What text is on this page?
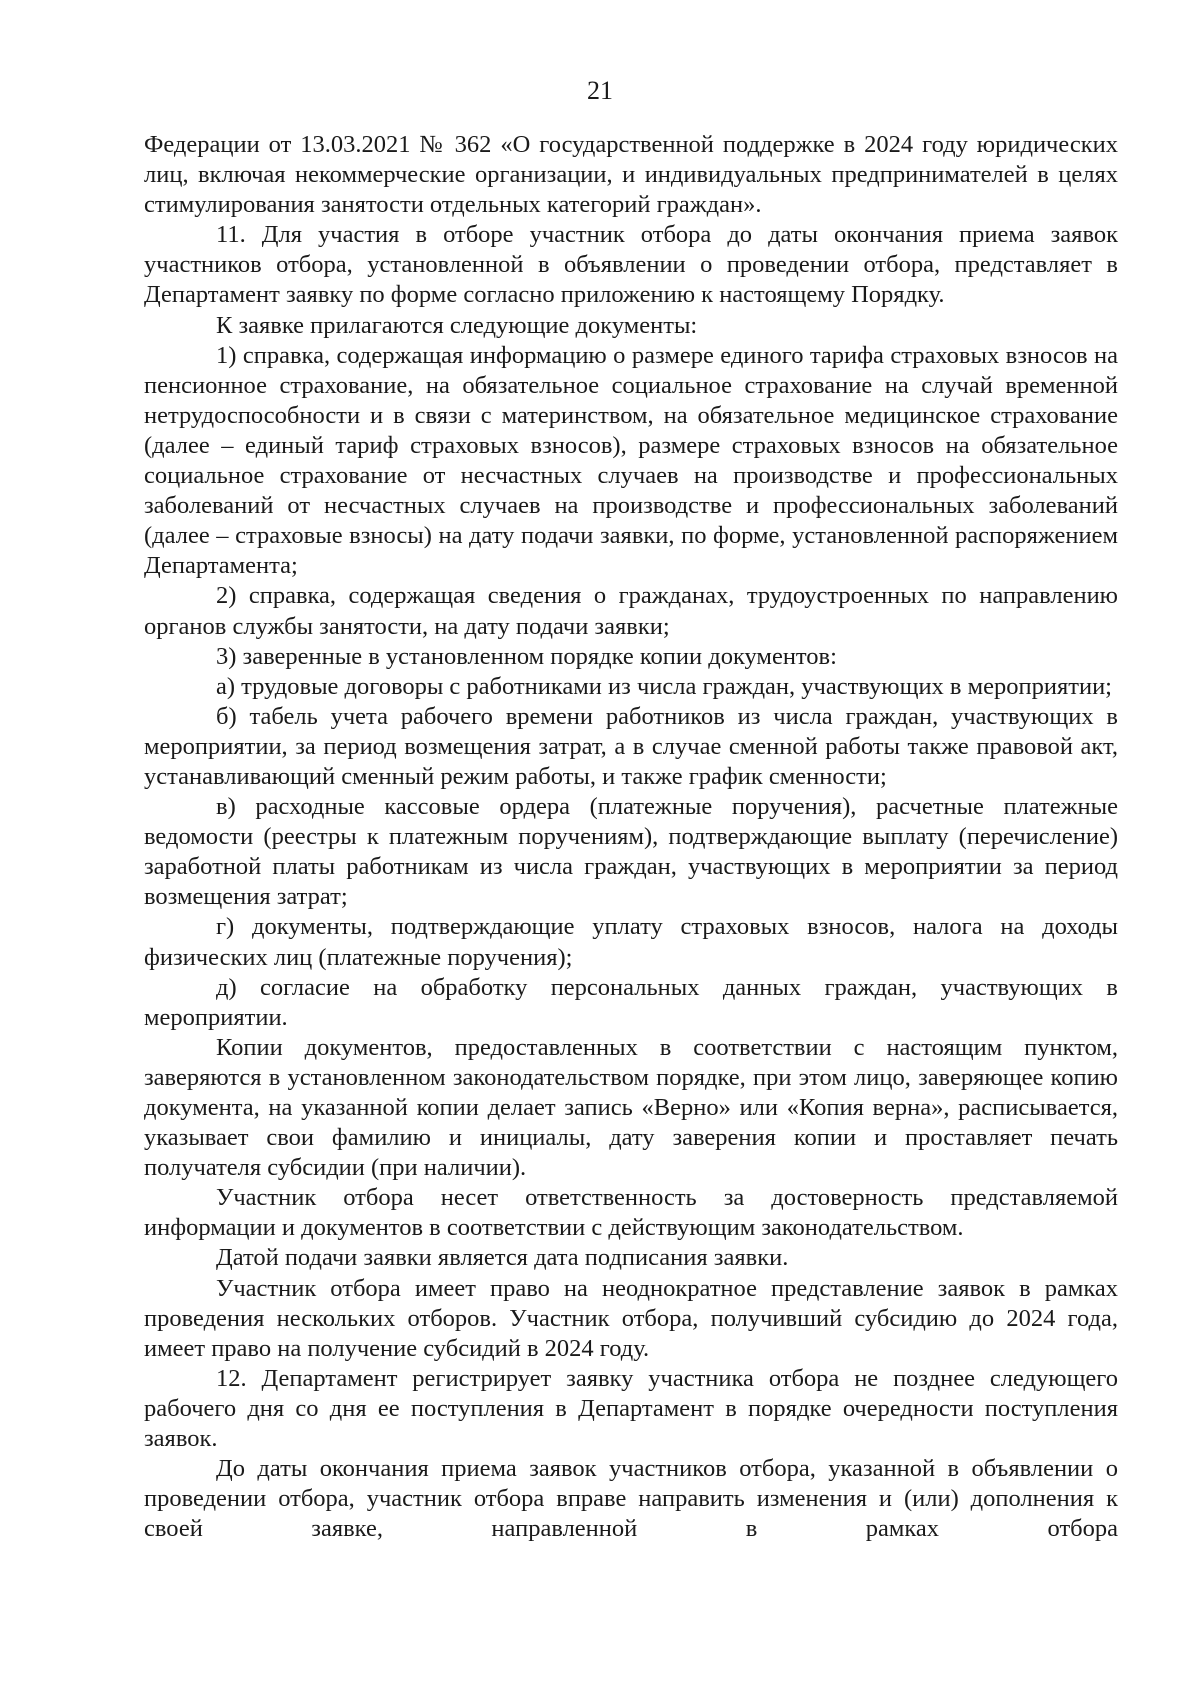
21

Федерации от 13.03.2021 № 362 «О государственной поддержке в 2024 году юридических лиц, включая некоммерческие организации, и индивидуальных предпринимателей в целях стимулирования занятости отдельных категорий граждан».

11. Для участия в отборе участник отбора до даты окончания приема заявок участников отбора, установленной в объявлении о проведении отбора, представляет в Департамент заявку по форме согласно приложению к настоящему Порядку.

К заявке прилагаются следующие документы:

1) справка, содержащая информацию о размере единого тарифа страховых взносов на пенсионное страхование, на обязательное социальное страхование на случай временной нетрудоспособности и в связи с материнством, на обязательное медицинское страхование (далее – единый тариф страховых взносов), размере страховых взносов на обязательное социальное страхование от несчастных случаев на производстве и профессиональных заболеваний от несчастных случаев на производстве и профессиональных заболеваний (далее – страховые взносы) на дату подачи заявки, по форме, установленной распоряжением Департамента;

2) справка, содержащая сведения о гражданах, трудоустроенных по направлению органов службы занятости, на дату подачи заявки;

3) заверенные в установленном порядке копии документов:

а) трудовые договоры с работниками из числа граждан, участвующих в мероприятии;

б) табель учета рабочего времени работников из числа граждан, участвующих в мероприятии, за период возмещения затрат, а в случае сменной работы также правовой акт, устанавливающий сменный режим работы, и также график сменности;

в) расходные кассовые ордера (платежные поручения), расчетные платежные ведомости (реестры к платежным поручениям), подтверждающие выплату (перечисление) заработной платы работникам из числа граждан, участвующих в мероприятии за период возмещения затрат;

г) документы, подтверждающие уплату страховых взносов, налога на доходы физических лиц (платежные поручения);

д) согласие на обработку персональных данных граждан, участвующих в мероприятии.

Копии документов, предоставленных в соответствии с настоящим пунктом, заверяются в установленном законодательством порядке, при этом лицо, заверяющее копию документа, на указанной копии делает запись «Верно» или «Копия верна», расписывается, указывает свои фамилию и инициалы, дату заверения копии и проставляет печать получателя субсидии (при наличии).

Участник отбора несет ответственность за достоверность представляемой информации и документов в соответствии с действующим законодательством.

Датой подачи заявки является дата подписания заявки.

Участник отбора имеет право на неоднократное представление заявок в рамках проведения нескольких отборов. Участник отбора, получивший субсидию до 2024 года, имеет право на получение субсидий в 2024 году.

12. Департамент регистрирует заявку участника отбора не позднее следующего рабочего дня со дня ее поступления в Департамент в порядке очередности поступления заявок.

До даты окончания приема заявок участников отбора, указанной в объявлении о проведении отбора, участник отбора вправе направить изменения и (или) дополнения к своей заявке, направленной в рамках отбора
